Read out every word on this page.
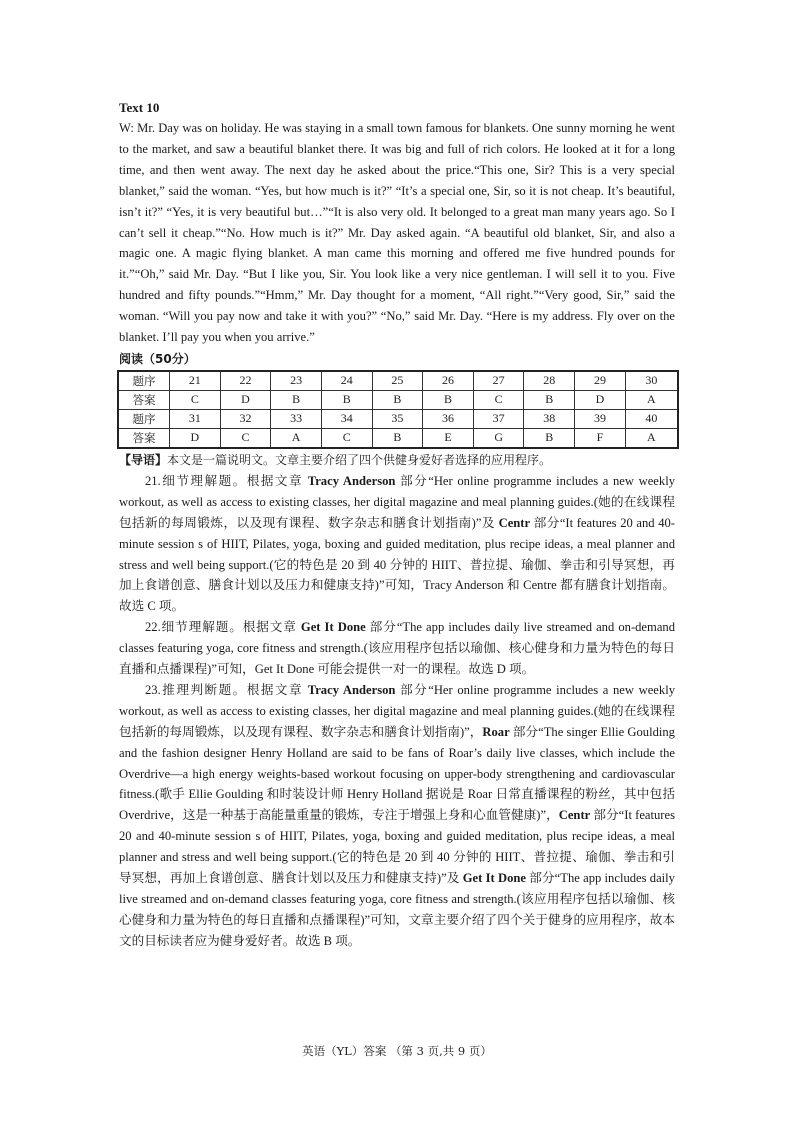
Text 10

W: Mr. Day was on holiday. He was staying in a small town famous for blankets. One sunny morning he went to the market, and saw a beautiful blanket there. It was big and full of rich colors. He looked at it for a long time, and then went away. The next day he asked about the price.“This one, Sir? This is a very special blanket,” said the woman. “Yes, but how much is it?” “It’s a special one, Sir, so it is not cheap. It’s beautiful, isn’t it?” “Yes, it is very beautiful but…”“It is also very old. It belonged to a great man many years ago. So I can’t sell it cheap.”“No. How much is it?” Mr. Day asked again. “A beautiful old blanket, Sir, and also a magic one. A magic flying blanket. A man came this morning and offered me five hundred pounds for it.”“Oh,” said Mr. Day. “But I like you, Sir. You look like a very nice gentleman. I will sell it to you. Five hundred and fifty pounds.”“Hmm,” Mr. Day thought for a moment, “All right.”“Very good, Sir,” said the woman. “Will you pay now and take it with you?” “No,” said Mr. Day. “Here is my address. Fly over on the blanket. I’ll pay you when you arrive.”

阅读（50分）
题序	21	22	23	24	25	26	27	28	29	30
答案	C	D	B	B	B	B	C	B	D	A
题序	31	32	33	34	35	36	37	38	39	40
答案	D	C	A	C	B	E	G	B	F	A

【导语】本文是一篇说明文。文章主要介绍了四个供健身爱好者选择的应用程序。

21.细节理解题。根据文章 Tracy Anderson 部分“Her online programme includes a new weekly workout, as well as access to existing classes, her digital magazine and meal planning guides.(她的在线课程包括新的每周锻炼，以及现有课程、数字杂志和膳食计划指南)”及 Centr 部分“It features 20 and 40-minute session s of HIIT, Pilates, yoga, boxing and guided meditation, plus recipe ideas, a meal planner and stress and well being support.(它的特色是 20 到 40 分钟的 HIIT、普拉提、瑜伽、拳击和引导冥想，再加上食谱创意、膳食计划以及压力和健康支持)”可知，Tracy Anderson 和 Centre 都有膳食计划指南。故选 C 项。

22.细节理解题。根据文章 Get It Done 部分“The app includes daily live streamed and on-demand classes featuring yoga, core fitness and strength.(该应用程序包括以瑜伽、核心健身和力量为特色的每日直播和点播课程)”可知，Get It Done 可能会提供一对一的课程。故选 D 项。

23.推理判断题。根据文章 Tracy Anderson 部分“Her online programme includes a new weekly workout, as well as access to existing classes, her digital magazine and meal planning guides.(她的在线课程包括新的每周锻炼，以及现有课程、数字杂志和膳食计划指南)”，Roar 部分“The singer Ellie Goulding and the fashion designer Henry Holland are said to be fans of Roar’s daily live classes, which include the Overdrive—a high energy weights-based workout focusing on upper-body strengthening and cardiovascular fitness.(歌手 Ellie Goulding 和时装设计师 Henry Holland 据说是 Roar 日常直播课程的粉丝，其中包括 Overdrive，这是一种基于高能量重量的锻炼，专注于增强上身和心血管健康)”，Centr 部分“It features 20 and 40-minute session s of HIIT, Pilates, yoga, boxing and guided meditation, plus recipe ideas, a meal planner and stress and well being support.(它的特色是 20 到 40 分钟的 HIIT、普拉提、瑜伽、拳击和引导冥想，再加上食谱创意、膳食计划以及压力和健康支持)”及 Get It Done 部分“The app includes daily live streamed and on-demand classes featuring yoga, core fitness and strength.(该应用程序包括以瑜伽、核心健身和力量为特色的每日直播和点播课程)”可知，文章主要介绍了四个关于健身的应用程序，故本文的目标读者应为健身爱好者。故选 B 项。

英语（YL）答案 （第 3 页,共 9 页）
